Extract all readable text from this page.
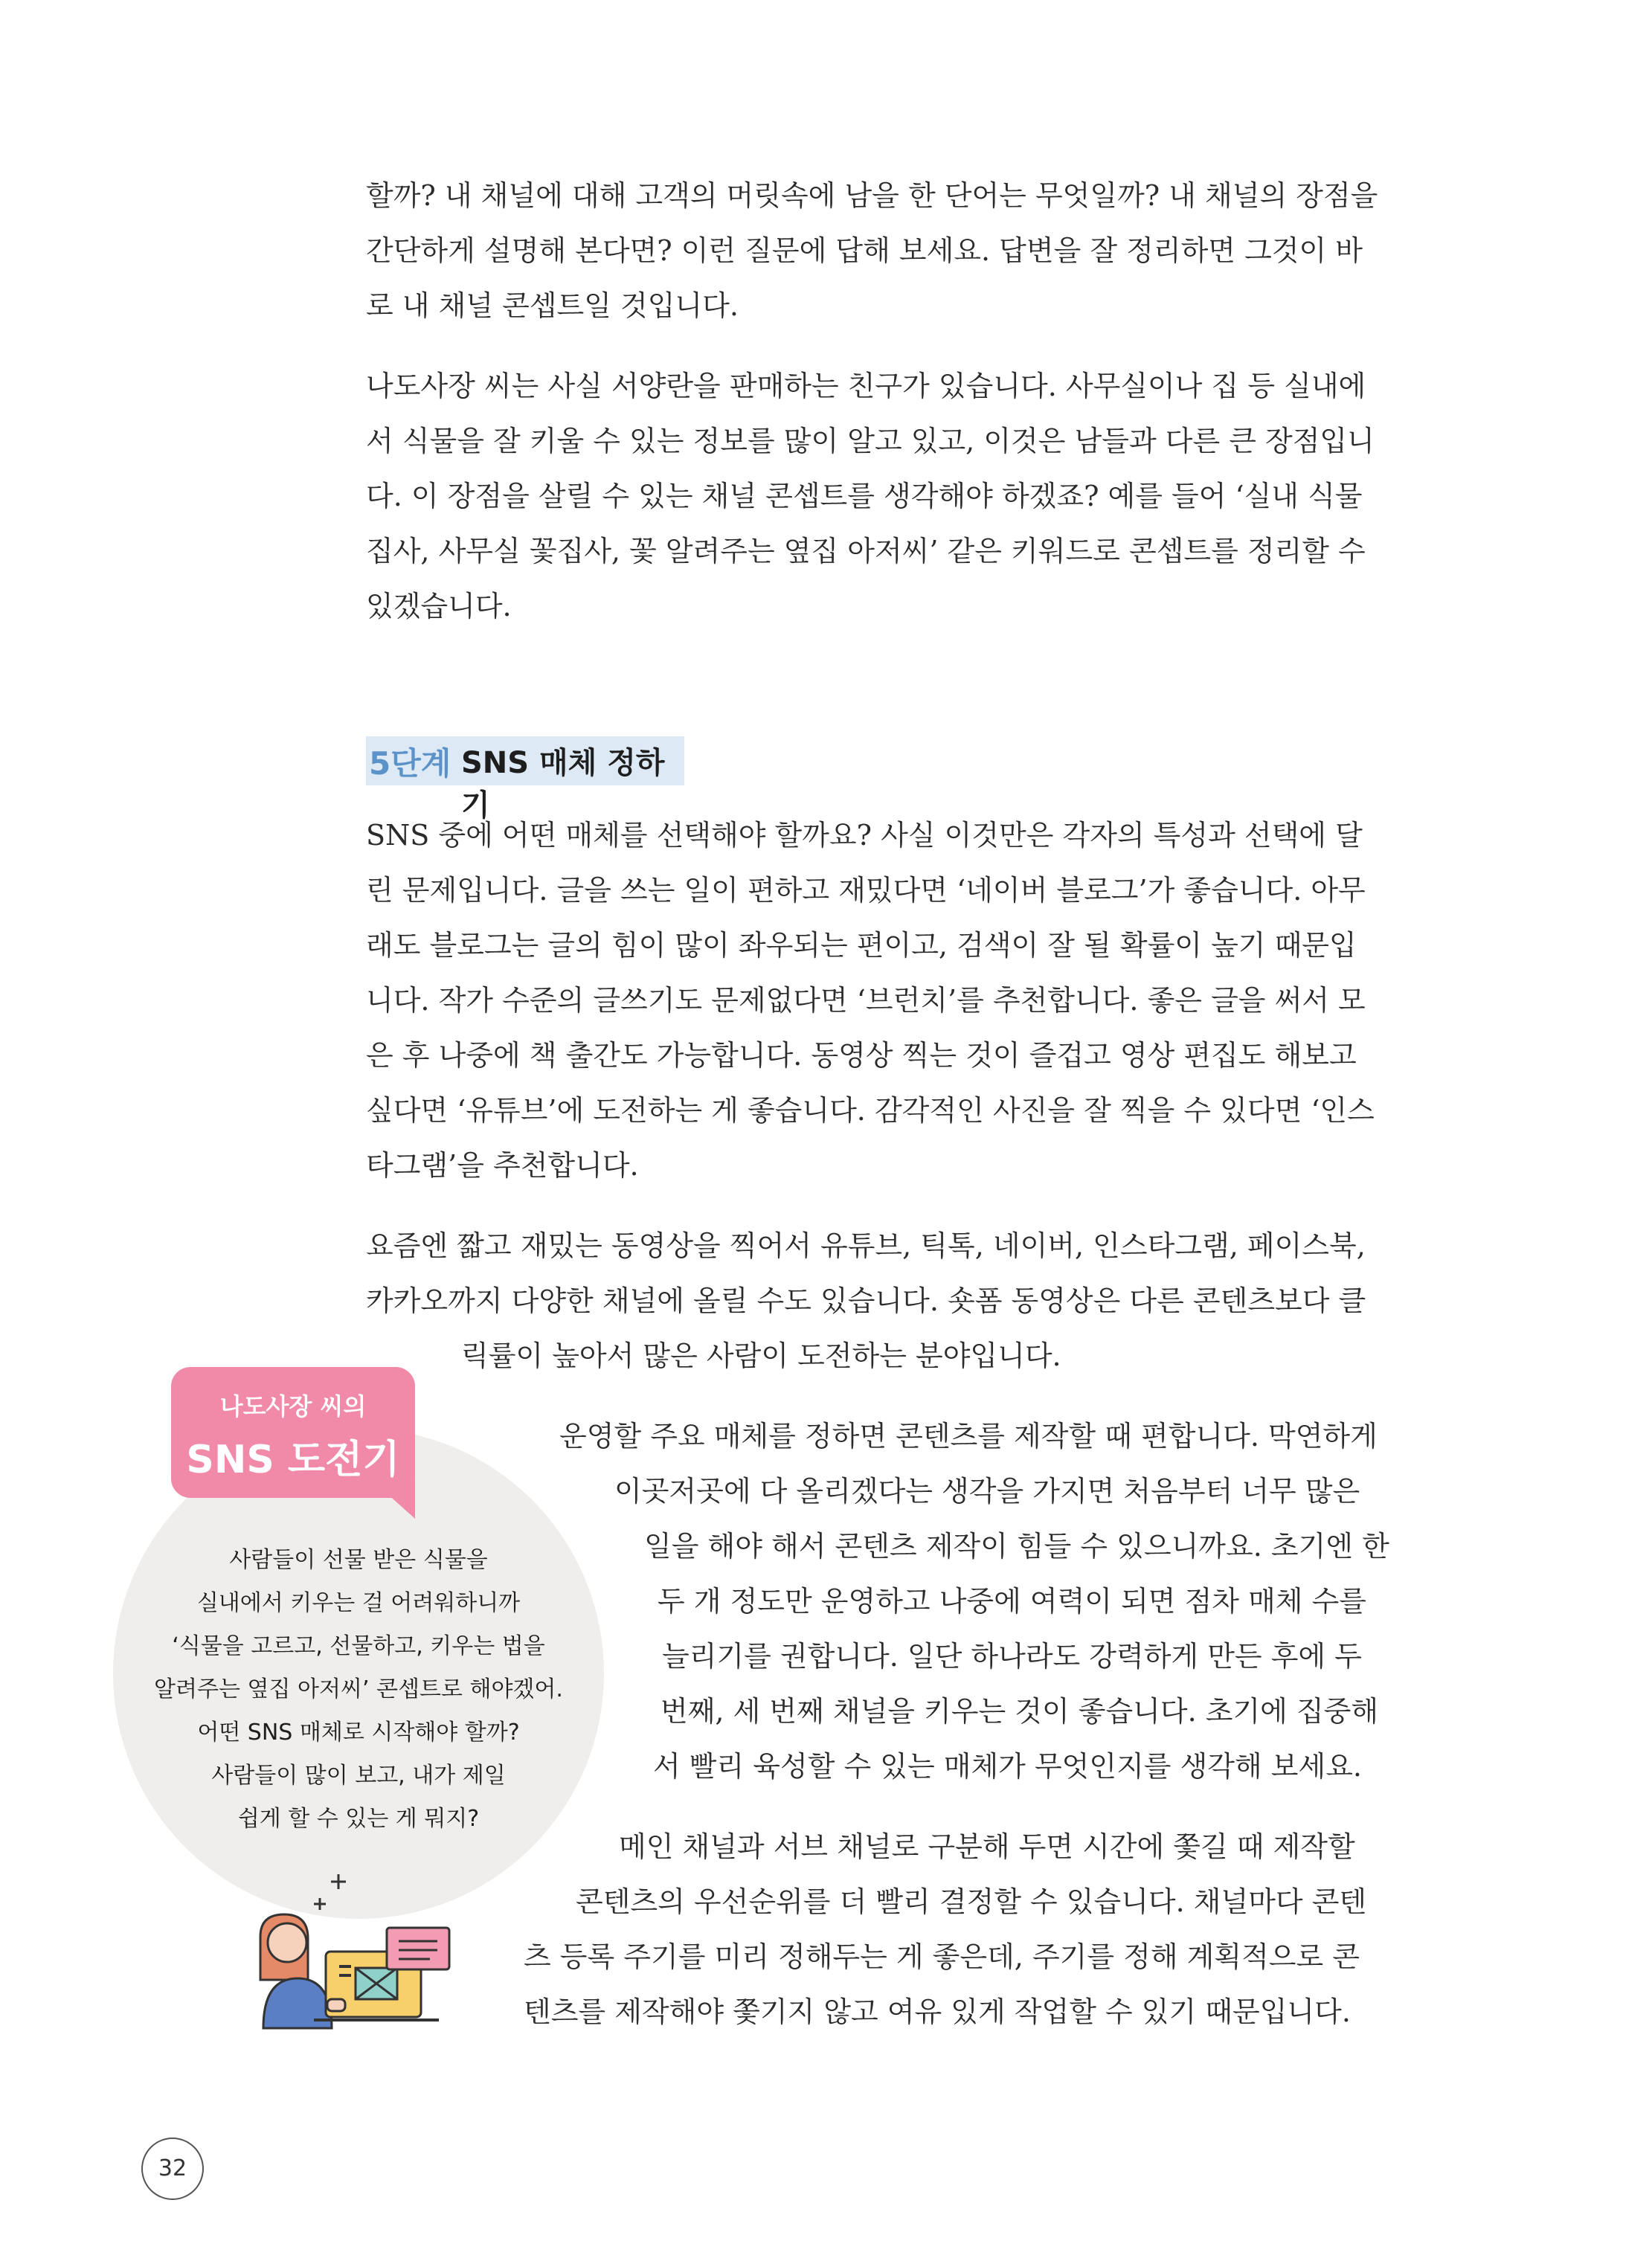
할까? 내 채널에 대해 고객의 머릿속에 남을 한 단어는 무엇일까? 내 채널의 장점을
간단하게 설명해 본다면? 이런 질문에 답해 보세요. 답변을 잘 정리하면 그것이 바
로 내 채널 콘셉트일 것입니다.
나도사장 씨는 사실 서양란을 판매하는 친구가 있습니다. 사무실이나 집 등 실내에
서 식물을 잘 키울 수 있는 정보를 많이 알고 있고, 이것은 남들과 다른 큰 장점입니
다. 이 장점을 살릴 수 있는 채널 콘셉트를 생각해야 하겠죠? 예를 들어 ‘실내 식물
집사, 사무실 꽃집사, 꽃 알려주는 옆집 아저씨’ 같은 키워드로 콘셉트를 정리할 수
있겠습니다.
5단계 SNS 매체 정하기
SNS 중에 어떤 매체를 선택해야 할까요? 사실 이것만은 각자의 특성과 선택에 달
린 문제입니다. 글을 쓰는 일이 편하고 재밌다면 ‘네이버 블로그’가 좋습니다. 아무
래도 블로그는 글의 힘이 많이 좌우되는 편이고, 검색이 잘 될 확률이 높기 때문입
니다. 작가 수준의 글쓰기도 문제없다면 ‘브런치’를 추천합니다. 좋은 글을 써서 모
은 후 나중에 책 출간도 가능합니다. 동영상 찍는 것이 즐겁고 영상 편집도 해보고
싶다면 ‘유튜브’에 도전하는 게 좋습니다. 감각적인 사진을 잘 찍을 수 있다면 ‘인스
타그램’을 추천합니다.
요즘엔 짧고 재밌는 동영상을 찍어서 유튜브, 틱톡, 네이버, 인스타그램, 페이스북,
카카오까지 다양한 채널에 올릴 수도 있습니다. 숏폼 동영상은 다른 콘텐츠보다 클
릭률이 높아서 많은 사람이 도전하는 분야입니다.
나도사장 씨의
SNS 도전기
사람들이 선물 받은 식물을
실내에서 키우는 걸 어려워하니까
‘식물을 고르고, 선물하고, 키우는 법을
알려주는 옆집 아저씨’ 콘셉트로 해야겠어.
어떤 SNS 매체로 시작해야 할까?
사람들이 많이 보고, 내가 제일
쉽게 할 수 있는 게 뭐지?
운영할 주요 매체를 정하면 콘텐츠를 제작할 때 편합니다. 막연하게
이곳저곳에 다 올리겠다는 생각을 가지면 처음부터 너무 많은
일을 해야 해서 콘텐츠 제작이 힘들 수 있으니까요. 초기엔 한
두 개 정도만 운영하고 나중에 여력이 되면 점차 매체 수를
늘리기를 권합니다. 일단 하나라도 강력하게 만든 후에 두
번째, 세 번째 채널을 키우는 것이 좋습니다. 초기에 집중해
서 빨리 육성할 수 있는 매체가 무엇인지를 생각해 보세요.
메인 채널과 서브 채널로 구분해 두면 시간에 쫓길 때 제작할
콘텐츠의 우선순위를 더 빨리 결정할 수 있습니다. 채널마다 콘텐
츠 등록 주기를 미리 정해두는 게 좋은데, 주기를 정해 계획적으로 콘
텐츠를 제작해야 쫓기지 않고 여유 있게 작업할 수 있기 때문입니다.
32
